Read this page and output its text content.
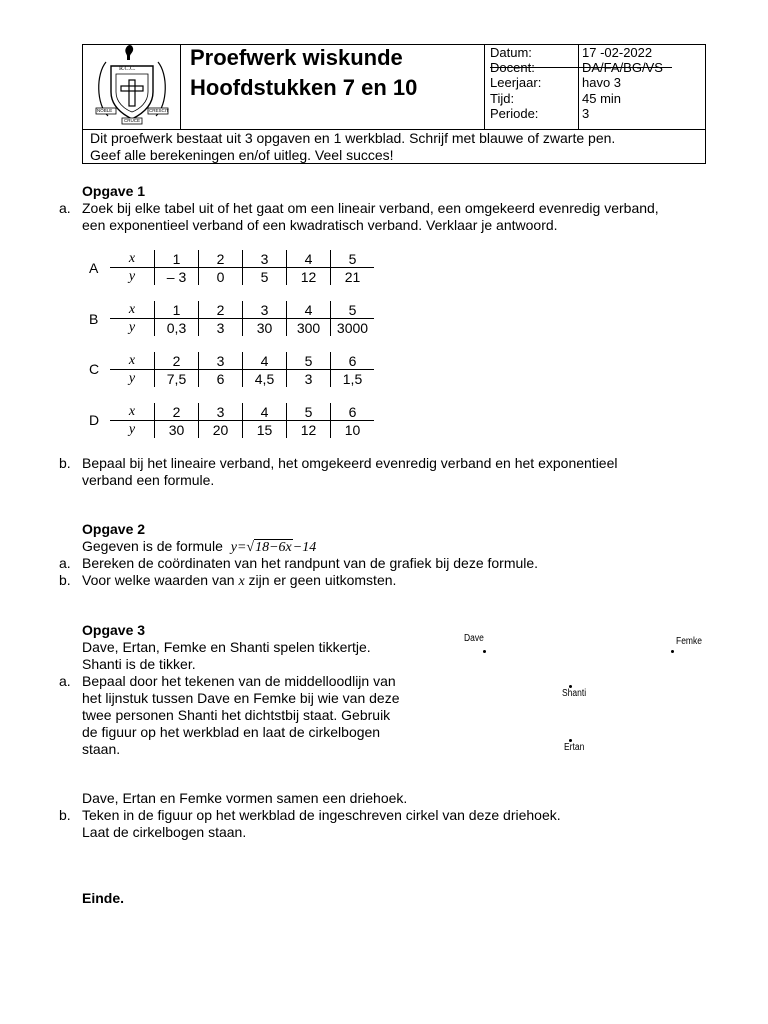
R.C.C.
NOBLE
CRUCE
CRESCIT
Proefwerk wiskunde
Hoofdstukken 7 en 10
Datum:	17 -02-2022
Docent:	DA/FA/BG/VS
Leerjaar:	havo 3
Tijd:	45 min
Periode:	3
Dit proefwerk bestaat uit 3 opgaven en 1 werkblad. Schrijf met blauwe of zwarte pen.
Geef alle berekeningen en/of uitleg. Veel succes!
Opgave 1
a. Zoek bij elke tabel uit of het gaat om een lineair verband, een omgekeerd evenredig verband,
een exponentieel verband of een kwadratisch verband. Verklaar je antwoord.
A
x	1	2	3	4	5
y	– 3	0	5	12	21
B
x	1	2	3	4	5
y	0,3	3	30	300	3000
C
x	2	3	4	5	6
y	7,5	6	4,5	3	1,5
D
x	2	3	4	5	6
y	30	20	15	12	10
b. Bepaal bij het lineaire verband, het omgekeerd evenredig verband en het exponentieel
verband een formule.
Opgave 2
Gegeven is de formule y=√18−6x−14
a. Bereken de coördinaten van het randpunt van de grafiek bij deze formule.
b. Voor welke waarden van x zijn er geen uitkomsten.
Opgave 3
Dave, Ertan, Femke en Shanti spelen tikkertje.
Shanti is de tikker.
a. Bepaal door het tekenen van de middelloodlijn van
het lijnstuk tussen Dave en Femke bij wie van deze
twee personen Shanti het dichtstbij staat. Gebruik
de figuur op het werkblad en laat de cirkelbogen
staan.
Dave	Femke
Shanti
Ertan
Dave, Ertan en Femke vormen samen een driehoek.
b. Teken in de figuur op het werkblad de ingeschreven cirkel van deze driehoek.
Laat de cirkelbogen staan.
Einde.
